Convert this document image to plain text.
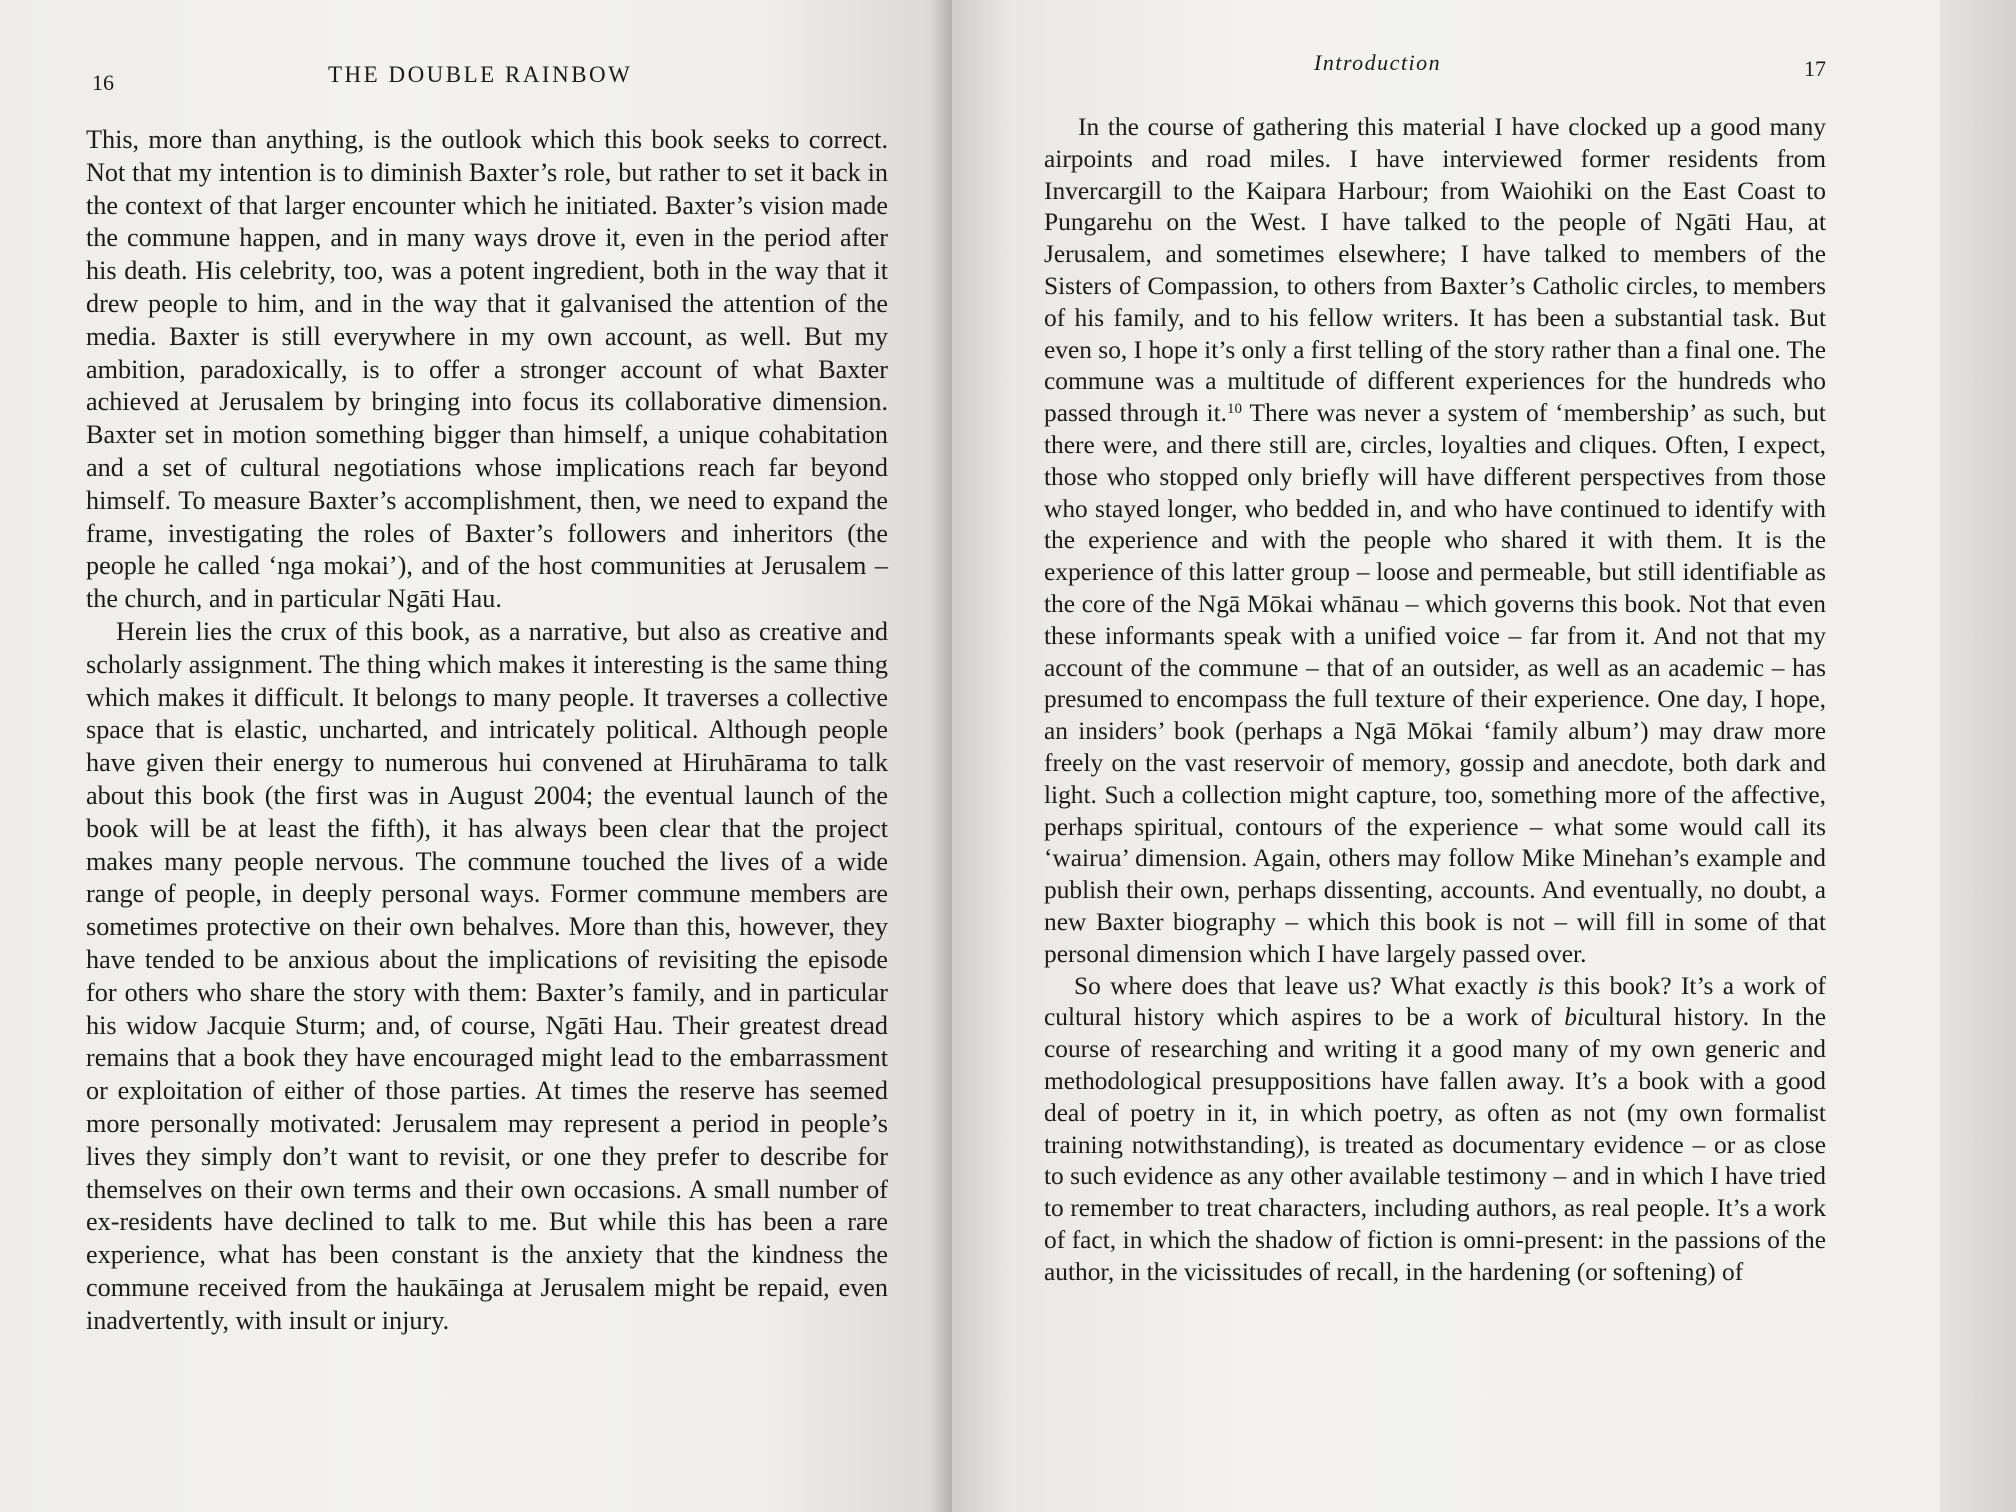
16	THE DOUBLE RAINBOW

This, more than anything, is the outlook which this book seeks to correct. Not that my intention is to diminish Baxter’s role, but rather to set it back in the context of that larger encounter which he initiated. Baxter’s vision made the commune happen, and in many ways drove it, even in the period after his death. His celebrity, too, was a potent ingredient, both in the way that it drew people to him, and in the way that it galvanised the attention of the media. Baxter is still everywhere in my own account, as well. But my ambition, paradoxically, is to offer a stronger account of what Baxter achieved at Jerusalem by bringing into focus its collaborative dimension. Baxter set in motion something bigger than himself, a unique cohabitation and a set of cultural negotiations whose implications reach far beyond himself. To measure Baxter’s accomplishment, then, we need to expand the frame, investigating the roles of Baxter’s followers and inheritors (the people he called ‘nga mokai’), and of the host communities at Jerusalem – the church, and in particular Ngāti Hau.

Herein lies the crux of this book, as a narrative, but also as creative and scholarly assignment. The thing which makes it interesting is the same thing which makes it difficult. It belongs to many people. It traverses a collective space that is elastic, uncharted, and intricately political. Although people have given their energy to numerous hui convened at Hiruhārama to talk about this book (the first was in August 2004; the eventual launch of the book will be at least the fifth), it has always been clear that the project makes many people nervous. The commune touched the lives of a wide range of people, in deeply personal ways. Former commune members are sometimes protective on their own behalves. More than this, however, they have tended to be anxious about the implications of revisiting the episode for others who share the story with them: Baxter’s family, and in particular his widow Jacquie Sturm; and, of course, Ngāti Hau. Their greatest dread remains that a book they have encouraged might lead to the embarrassment or exploitation of either of those parties. At times the reserve has seemed more personally motivated: Jerusalem may represent a period in people’s lives they simply don’t want to revisit, or one they prefer to describe for themselves on their own terms and their own occasions. A small number of ex-residents have declined to talk to me. But while this has been a rare experience, what has been constant is the anxiety that the kindness the commune received from the haukāinga at Jerusalem might be repaid, even inadvertently, with insult or injury.

Introduction	17

In the course of gathering this material I have clocked up a good many airpoints and road miles. I have interviewed former residents from Invercargill to the Kaipara Harbour; from Waiohiki on the East Coast to Pungarehu on the West. I have talked to the people of Ngāti Hau, at Jerusalem, and sometimes elsewhere; I have talked to members of the Sisters of Compassion, to others from Baxter’s Catholic circles, to members of his family, and to his fellow writers. It has been a substantial task. But even so, I hope it’s only a first telling of the story rather than a final one. The commune was a multitude of different experiences for the hundreds who passed through it.$^{10}$ There was never a system of ‘membership’ as such, but there were, and there still are, circles, loyalties and cliques. Often, I expect, those who stopped only briefly will have different perspectives from those who stayed longer, who bedded in, and who have continued to identify with the experience and with the people who shared it with them. It is the experience of this latter group – loose and permeable, but still identifiable as the core of the Ngā Mōkai whānau – which governs this book. Not that even these informants speak with a unified voice – far from it. And not that my account of the commune – that of an outsider, as well as an academic – has presumed to encompass the full texture of their experience. One day, I hope, an insiders’ book (perhaps a Ngā Mōkai ‘family album’) may draw more freely on the vast reservoir of memory, gossip and anecdote, both dark and light. Such a collection might capture, too, something more of the affective, perhaps spiritual, contours of the experience – what some would call its ‘wairua’ dimension. Again, others may follow Mike Minehan’s example and publish their own, perhaps dissenting, accounts. And eventually, no doubt, a new Baxter biography – which this book is not – will fill in some of that personal dimension which I have largely passed over.

So where does that leave us? What exactly is this book? It’s a work of cultural history which aspires to be a work of bicultural history. In the course of researching and writing it a good many of my own generic and methodological presuppositions have fallen away. It’s a book with a good deal of poetry in it, in which poetry, as often as not (my own formalist training notwithstanding), is treated as documentary evidence – or as close to such evidence as any other available testimony – and in which I have tried to remember to treat characters, including authors, as real people. It’s a work of fact, in which the shadow of fiction is omni-present: in the passions of the author, in the vicissitudes of recall, in the hardening (or softening) of
